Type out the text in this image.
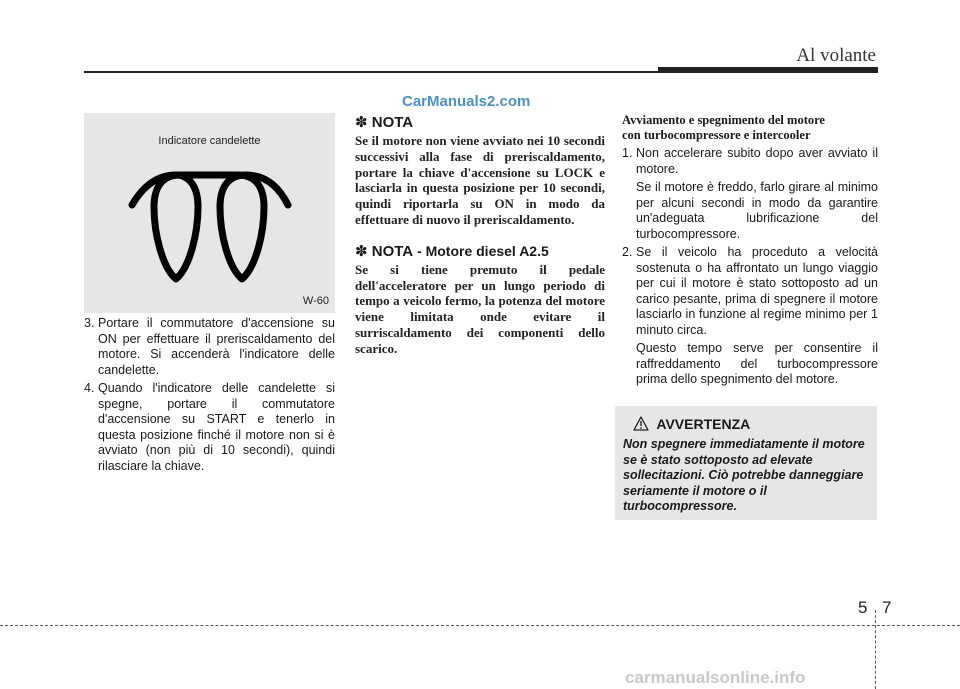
Al volante
CarManuals2.com
Indicatore candelette
W-60
3. Portare il commutatore d'accensione su ON per effettuare il preriscaldamento del motore. Si accenderà l'indicatore delle candelette.
4. Quando l'indicatore delle candelette si spegne, portare il commutatore d'accensione su START e tenerlo in questa posizione finché il motore non si è avviato (non più di 10 secondi), quindi rilasciare la chiave.
✽ NOTA

Se il motore non viene avviato nei 10 secondi successivi alla fase di preriscaldamento, portare la chiave d'accensione su LOCK e lasciarla in questa posizione per 10 secondi, quindi riportarla su ON in modo da effettuare di nuovo il preriscaldamento.

✽ NOTA - Motore diesel A2.5

Se si tiene premuto il pedale dell'acceleratore per un lungo periodo di tempo a veicolo fermo, la potenza del motore viene limitata onde evitare il surriscaldamento dei componenti dello scarico.

Avviamento e spegnimento del motore
con turbocompressore e intercooler
1. Non accelerare subito dopo aver avviato il motore.

Se il motore è freddo, farlo girare al minimo per alcuni secondi in modo da garantire un'adeguata lubrificazione del turbocompressore.

2. Se il veicolo ha proceduto a velocità sostenuta o ha affrontato un lungo viaggio per cui il motore è stato sottoposto ad un carico pesante, prima di spegnere il motore lasciarlo in funzione al regime minimo per 1 minuto circa.

Questo tempo serve per consentire il raffreddamento del turbocompressore prima dello spegnimento del motore.

AVVERTENZA
Non spegnere immediatamente il motore se è stato sottoposto ad elevate sollecitazioni. Ciò potrebbe danneggiare seriamente il motore o il turbocompressore.
5 7
carmanualsonline.info
